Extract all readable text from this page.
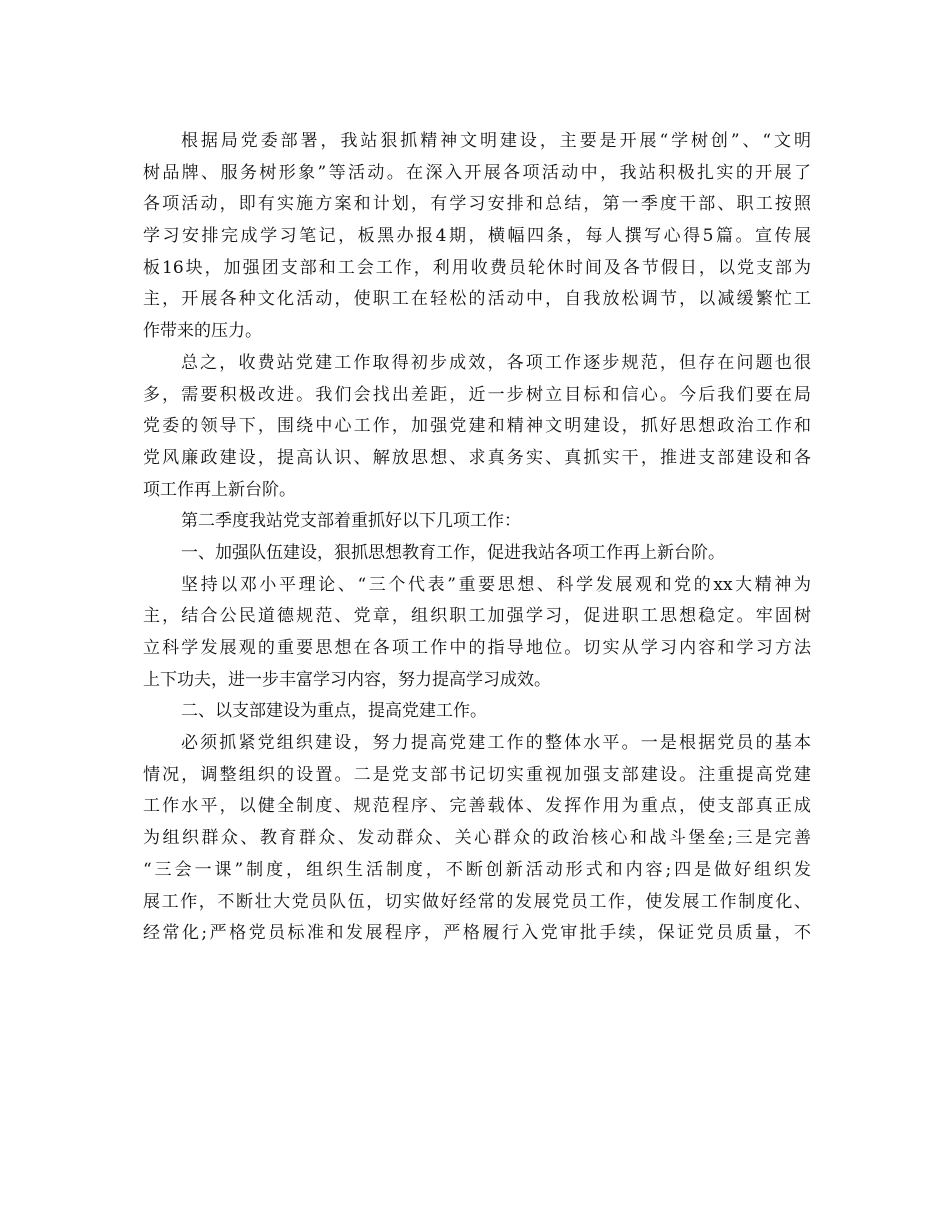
根据局党委部署，我站狠抓精神文明建设，主要是开展“学树创”、“文明
树品牌、服务树形象”等活动。在深入开展各项活动中，我站积极扎实的开展了
各项活动，即有实施方案和计划，有学习安排和总结，第一季度干部、职工按照
学习安排完成学习笔记，板黑办报4期，横幅四条，每人撰写心得5篇。宣传展
板16块，加强团支部和工会工作，利用收费员轮休时间及各节假日，以党支部为
主，开展各种文化活动，使职工在轻松的活动中，自我放松调节，以减缓繁忙工
作带来的压力。
总之，收费站党建工作取得初步成效，各项工作逐步规范，但存在问题也很
多，需要积极改进。我们会找出差距，近一步树立目标和信心。今后我们要在局
党委的领导下，围绕中心工作，加强党建和精神文明建设，抓好思想政治工作和
党风廉政建设，提高认识、解放思想、求真务实、真抓实干，推进支部建设和各
项工作再上新台阶。
第二季度我站党支部着重抓好以下几项工作：
一、加强队伍建设，狠抓思想教育工作，促进我站各项工作再上新台阶。
坚持以邓小平理论、“三个代表”重要思想、科学发展观和党的xx大精神为
主，结合公民道德规范、党章，组织职工加强学习，促进职工思想稳定。牢固树
立科学发展观的重要思想在各项工作中的指导地位。切实从学习内容和学习方法
上下功夫，进一步丰富学习内容，努力提高学习成效。
二、以支部建设为重点，提高党建工作。
必须抓紧党组织建设，努力提高党建工作的整体水平。一是根据党员的基本
情况，调整组织的设置。二是党支部书记切实重视加强支部建设。注重提高党建
工作水平，以健全制度、规范程序、完善载体、发挥作用为重点，使支部真正成
为组织群众、教育群众、发动群众、关心群众的政治核心和战斗堡垒;三是完善
“三会一课”制度，组织生活制度，不断创新活动形式和内容;四是做好组织发
展工作，不断壮大党员队伍，切实做好经常的发展党员工作，使发展工作制度化、
经常化;严格党员标准和发展程序，严格履行入党审批手续，保证党员质量，不
